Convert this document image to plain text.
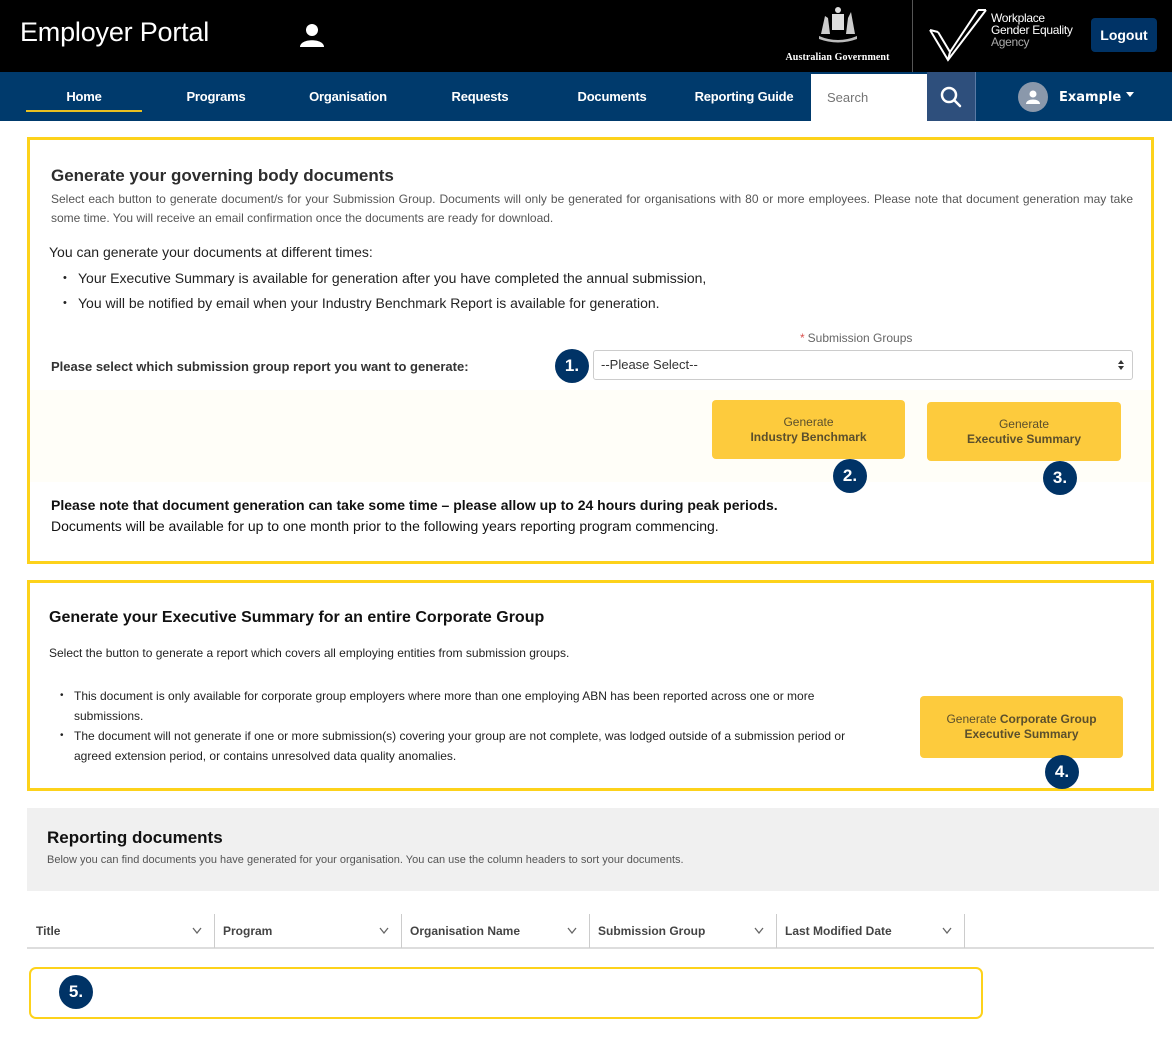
Employer Portal
Australian Government
Workplace
Gender Equality
Agency	Logout
Home	Programs	Organisation	Requests	Documents	Reporting Guide
Search	Example
Generate your governing body documents
Select each button to generate document/s for your Submission Group. Documents will only be generated for organisations with 80 or more employees. Please note that document generation may take some time. You will receive an email confirmation once the documents are ready for download.
You can generate your documents at different times:
• Your Executive Summary is available for generation after you have completed the annual submission,
• You will be notified by email when your Industry Benchmark Report is available for generation.
* Submission Groups
Please select which submission group report you want to generate:	--Please Select--
Generate
Industry Benchmark
Generate
Executive Summary
Please note that document generation can take some time – please allow up to 24 hours during peak periods.
Documents will be available for up to one month prior to the following years reporting program commencing.
Generate your Executive Summary for an entire Corporate Group
Select the button to generate a report which covers all employing entities from submission groups.
• This document is only available for corporate group employers where more than one employing ABN has been reported across one or more submissions.
• The document will not generate if one or more submission(s) covering your group are not complete, was lodged outside of a submission period or agreed extension period, or contains unresolved data quality anomalies.
Generate Corporate Group
Executive Summary
1.
2.	3.
4.
Reporting documents
Below you can find documents you have generated for your organisation. You can use the column headers to sort your documents.
Title	Program	Organisation Name	Submission Group	Last Modified Date
5.
